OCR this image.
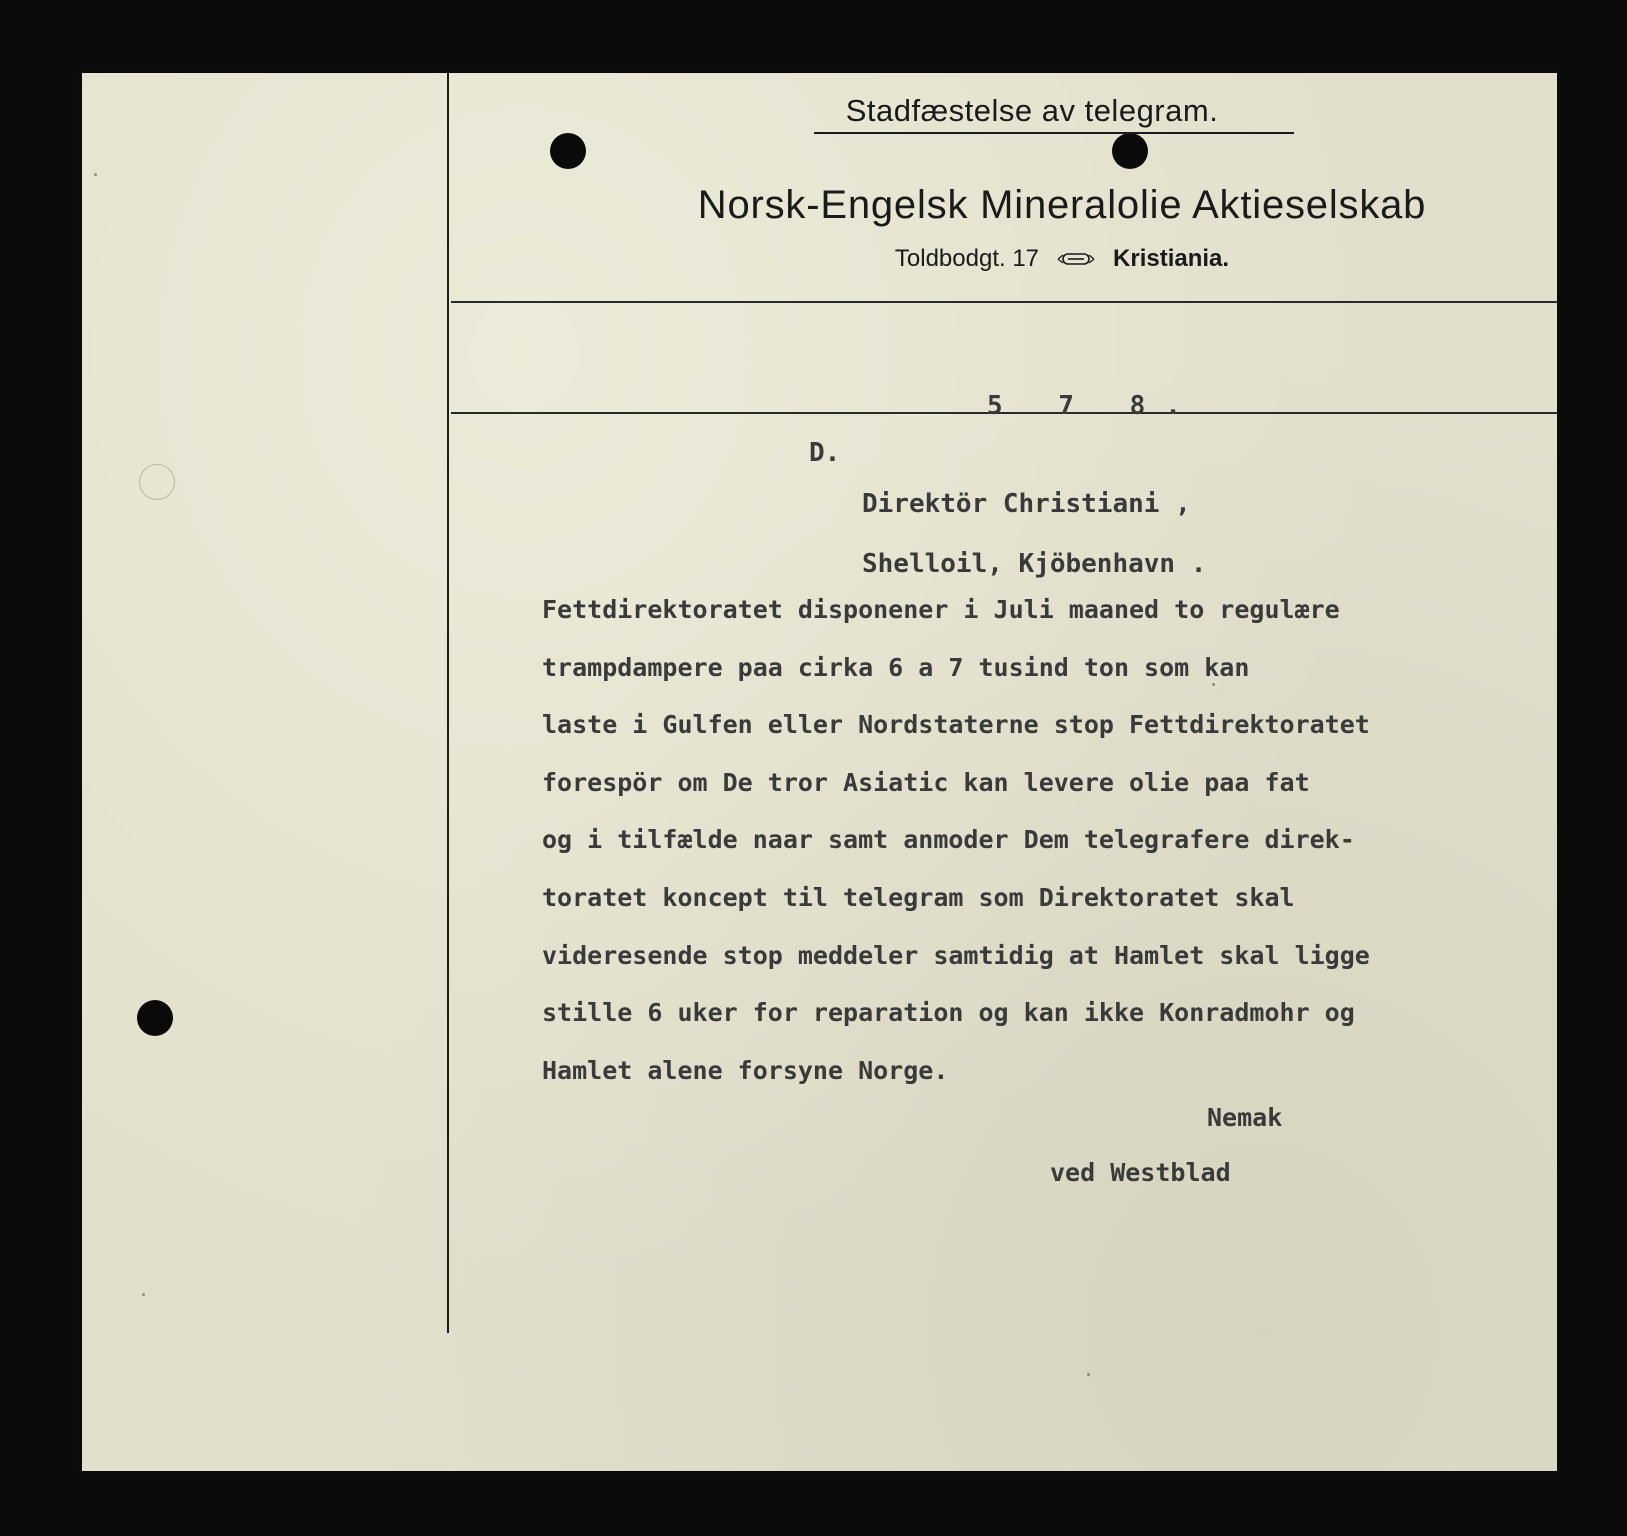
Stadfæstelse av telegram.
Norsk-Engelsk Mineralolie Aktieselskab
Toldbodgt. 17	Kristiania.
5 7 8.
D.
Direktör Christiani ,
Shelloil, Kjöbenhavn .
Fettdirektoratet disponener i Juli maaned to regulære
trampdampere paa cirka 6 a 7 tusind ton som kan
laste i Gulfen eller Nordstaterne stop Fettdirektoratet
forespör om De tror Asiatic kan levere olie paa fat
og i tilfælde naar samt anmoder Dem telegrafere direk-
toratet koncept til telegram som Direktoratet skal
videresende stop meddeler samtidig at Hamlet skal ligge
stille 6 uker for reparation og kan ikke Konradmohr og
Hamlet alene forsyne Norge.
Nemak
ved Westblad
